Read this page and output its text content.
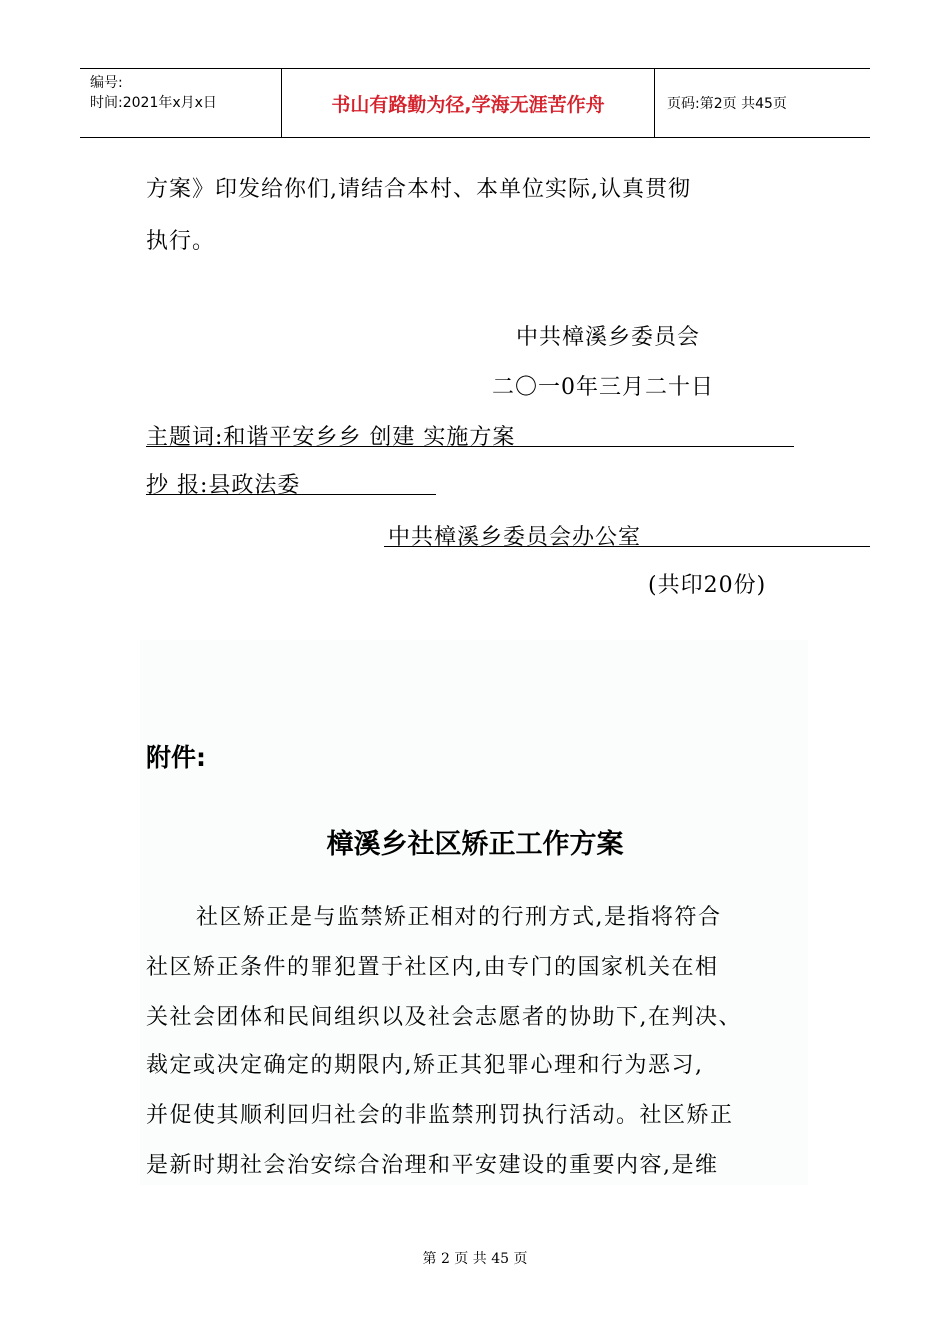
编号:
时间:2021年x月x日	书山有路勤为径,学海无涯苦作舟	页码:第2页 共45页
方案》印发给你们,请结合本村、本单位实际,认真贯彻
执行。
中共樟溪乡委员会
二〇一0年三月二十日
主题词:和谐平安乡乡 创建 实施方案
抄 报:县政法委
中共樟溪乡委员会办公室
(共印20份)
附件:
樟溪乡社区矫正工作方案
社区矫正是与监禁矫正相对的行刑方式,是指将符合
社区矫正条件的罪犯置于社区内,由专门的国家机关在相
关社会团体和民间组织以及社会志愿者的协助下,在判决、
裁定或决定确定的期限内,矫正其犯罪心理和行为恶习,
并促使其顺利回归社会的非监禁刑罚执行活动。社区矫正
是新时期社会治安综合治理和平安建设的重要内容,是维
第 2 页 共 45 页
